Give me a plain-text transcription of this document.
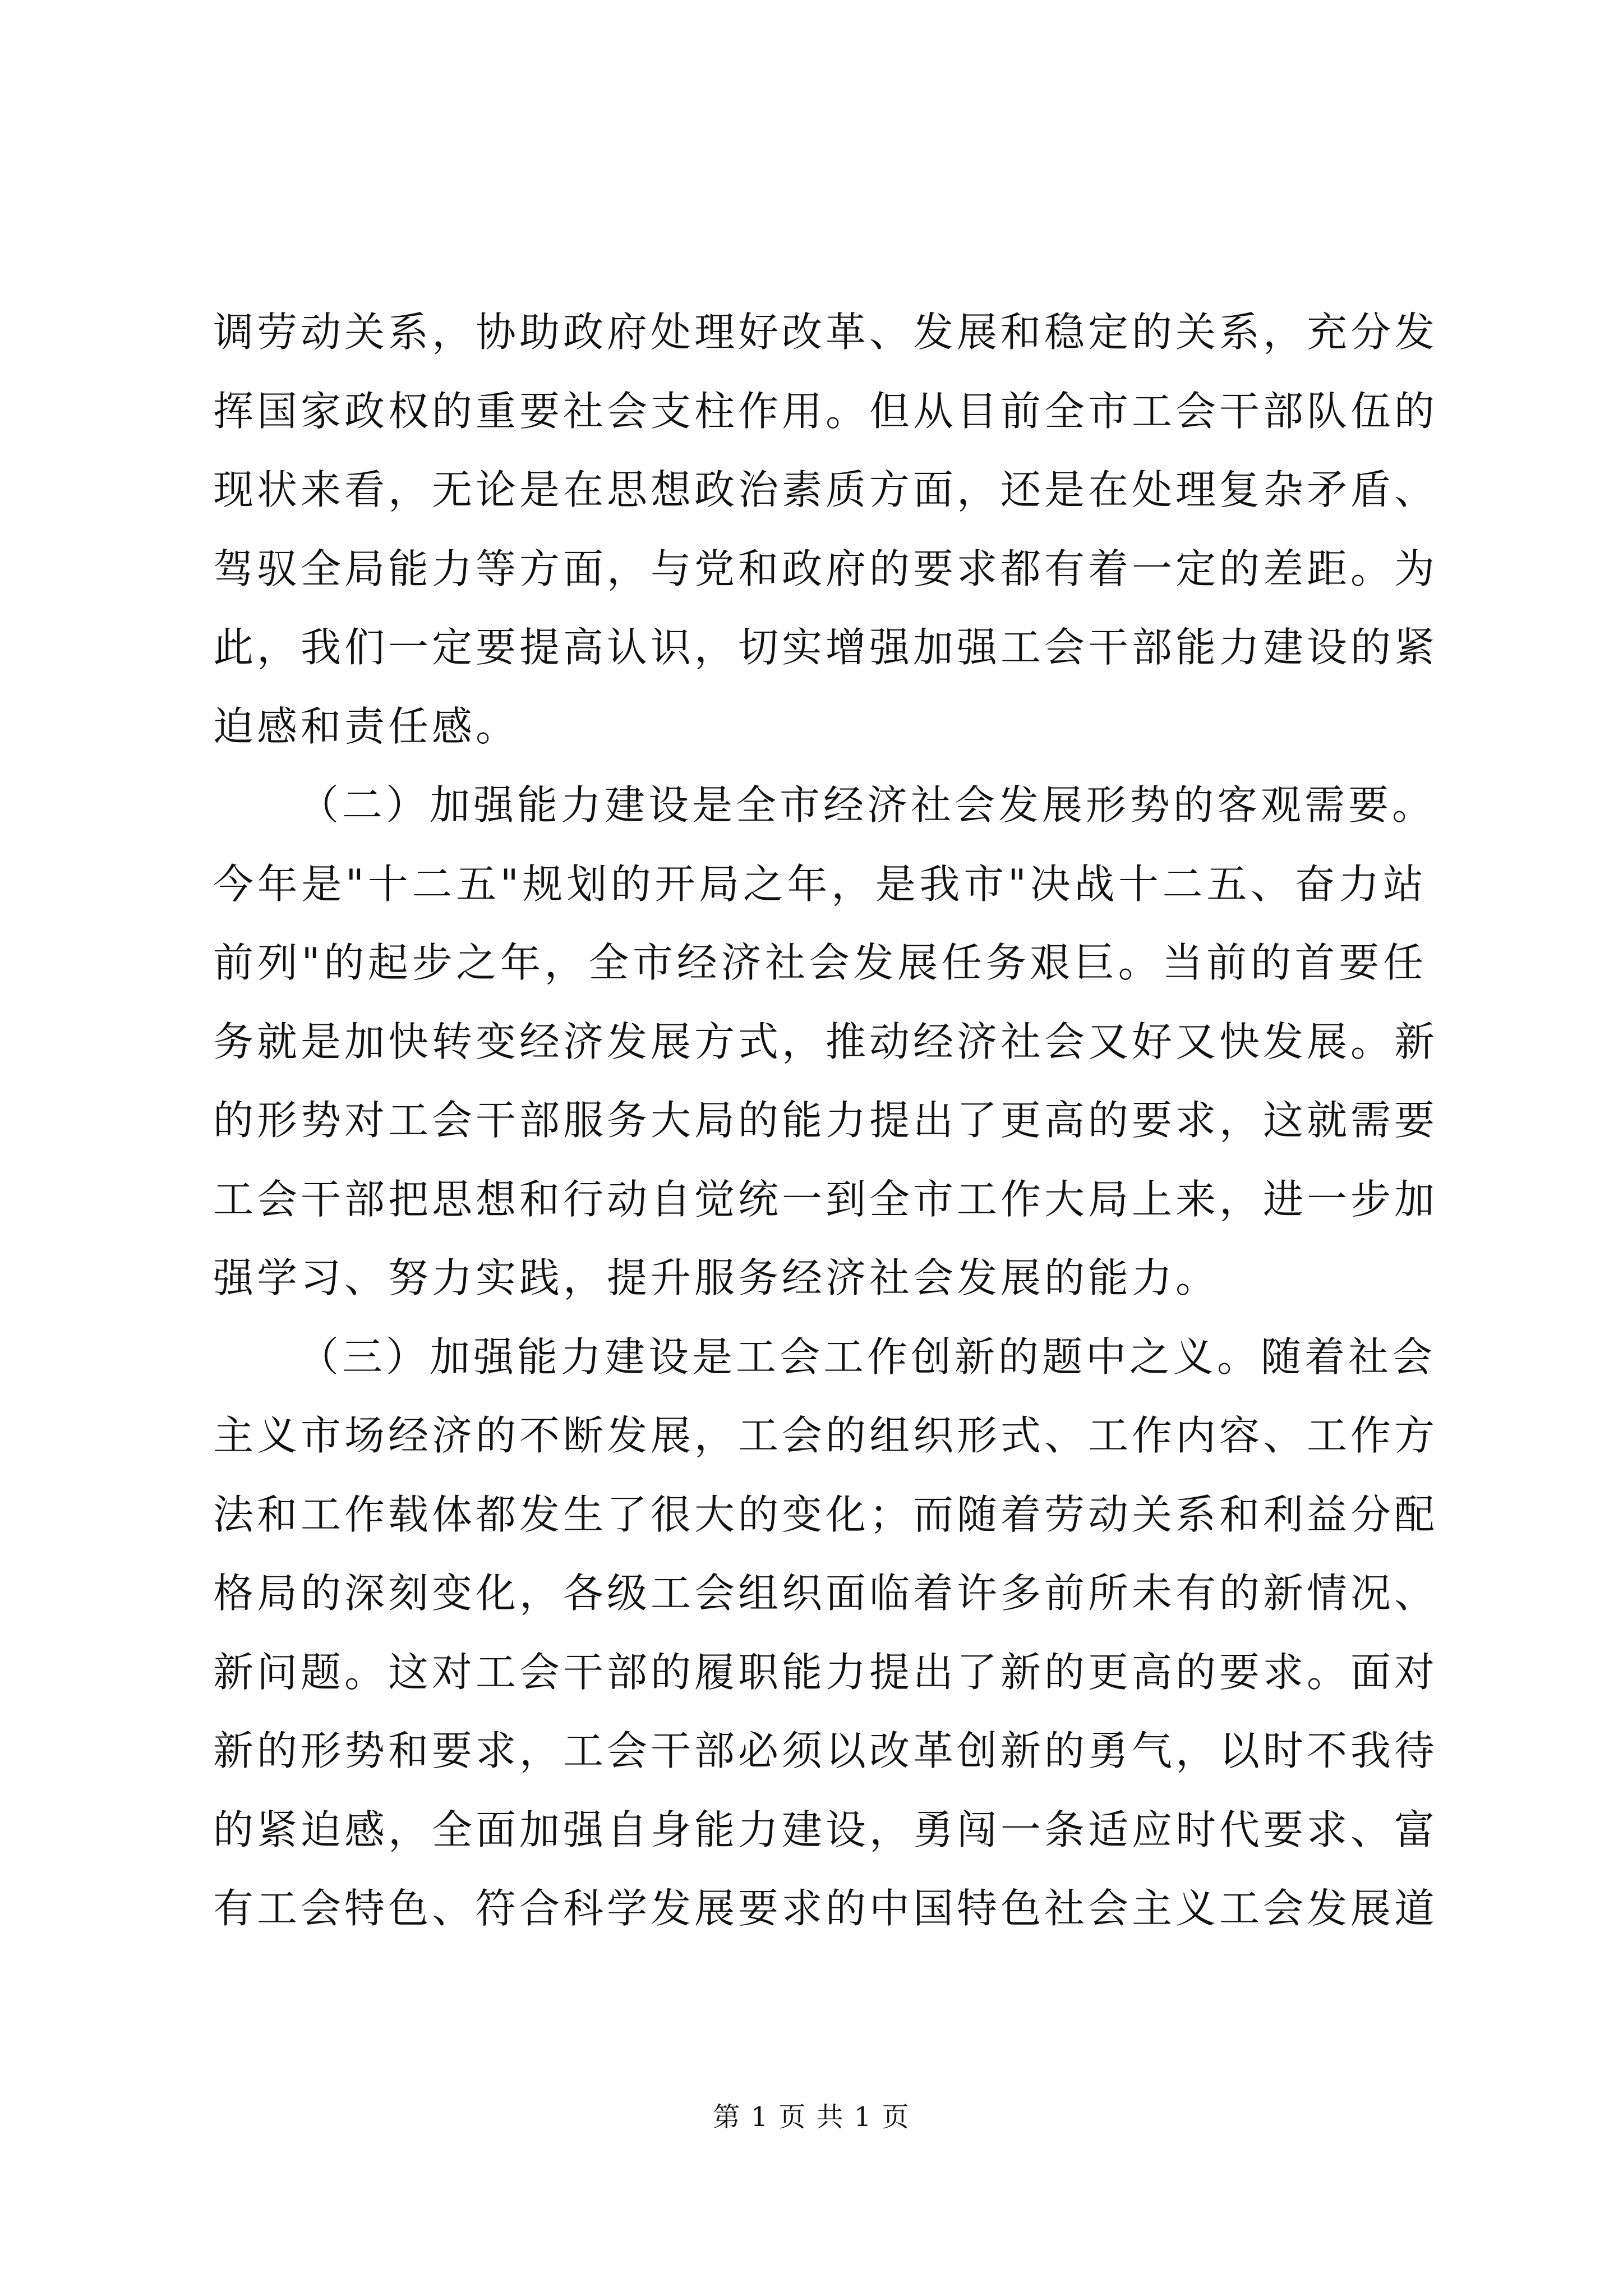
调劳动关系，协助政府处理好改革、发展和稳定的关系，充分发
挥国家政权的重要社会支柱作用。但从目前全市工会干部队伍的
现状来看，无论是在思想政治素质方面，还是在处理复杂矛盾、
驾驭全局能力等方面，与党和政府的要求都有着一定的差距。为
此，我们一定要提高认识，切实增强加强工会干部能力建设的紧
迫感和责任感。
（二）加强能力建设是全市经济社会发展形势的客观需要。
今年是"十二五"规划的开局之年，是我市"决战十二五、奋力站
前列"的起步之年，全市经济社会发展任务艰巨。当前的首要任
务就是加快转变经济发展方式，推动经济社会又好又快发展。新
的形势对工会干部服务大局的能力提出了更高的要求，这就需要
工会干部把思想和行动自觉统一到全市工作大局上来，进一步加
强学习、努力实践，提升服务经济社会发展的能力。
（三）加强能力建设是工会工作创新的题中之义。随着社会
主义市场经济的不断发展，工会的组织形式、工作内容、工作方
法和工作载体都发生了很大的变化；而随着劳动关系和利益分配
格局的深刻变化，各级工会组织面临着许多前所未有的新情况、
新问题。这对工会干部的履职能力提出了新的更高的要求。面对
新的形势和要求，工会干部必须以改革创新的勇气，以时不我待
的紧迫感，全面加强自身能力建设，勇闯一条适应时代要求、富
有工会特色、符合科学发展要求的中国特色社会主义工会发展道
第 1 页 共 1 页
